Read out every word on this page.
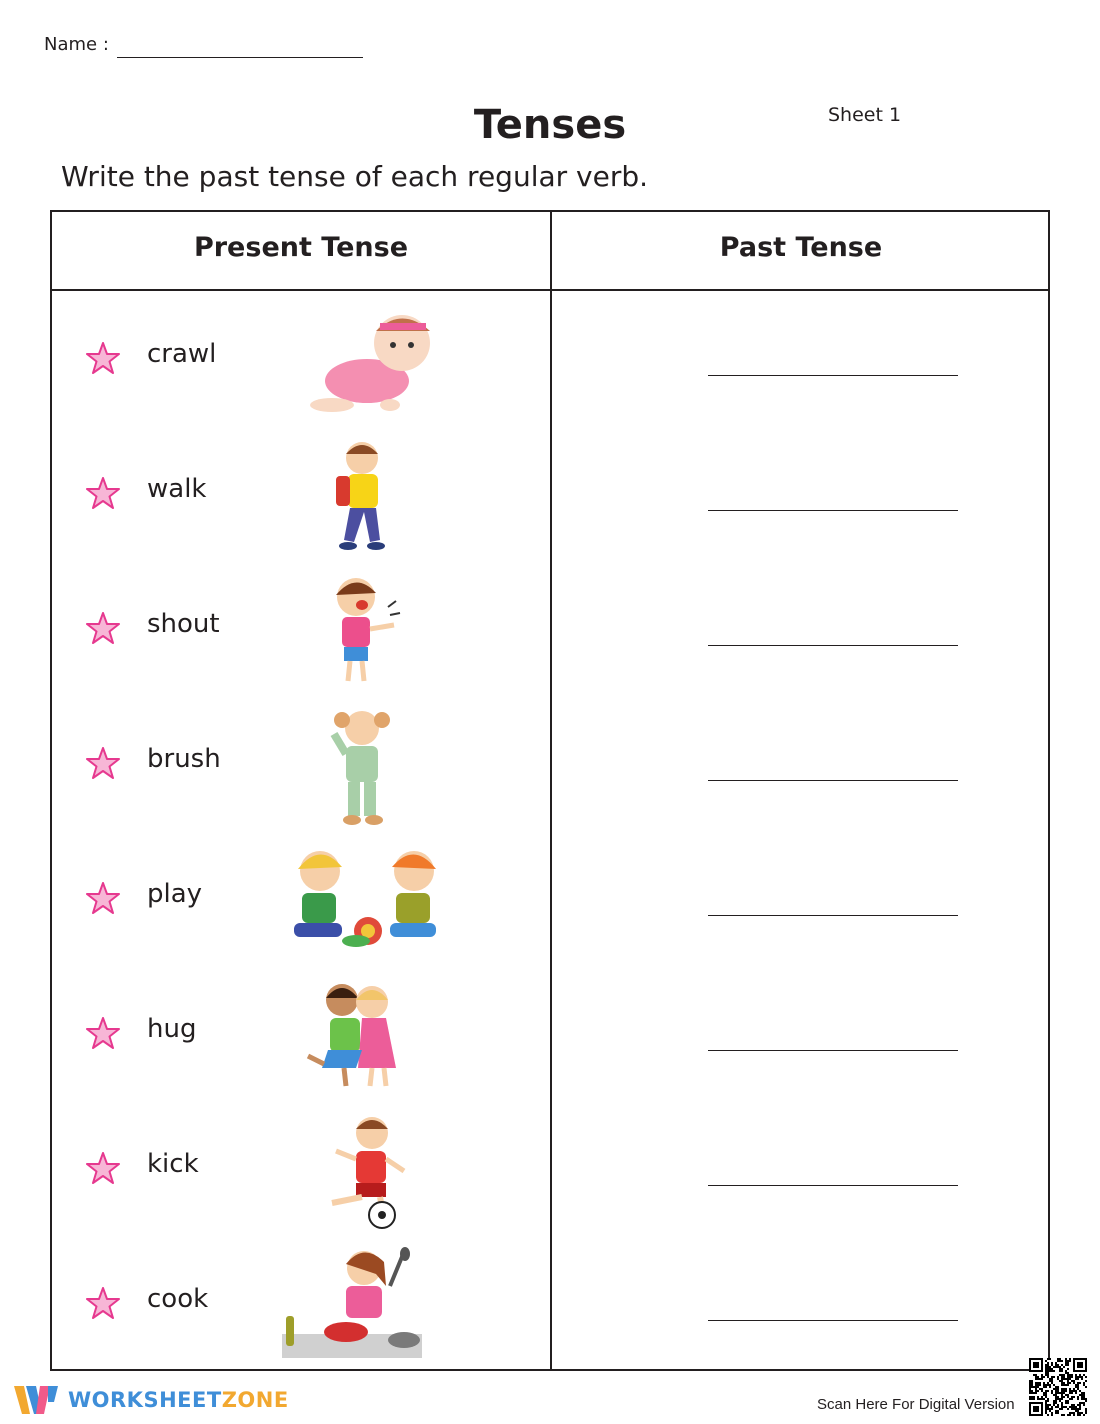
Name :
Tenses	Sheet 1
Write the past tense of each regular verb.
Present Tense	Past Tense
crawl
walk
shout
brush
play
hug
kick
cook
WORKSHEETZONE	Scan Here For Digital Version
